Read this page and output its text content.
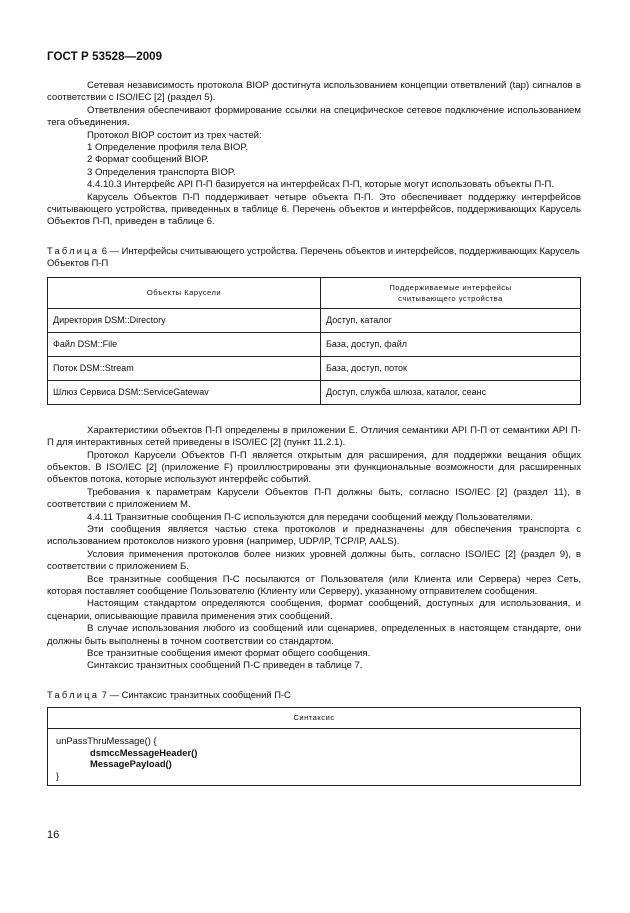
ГОСТ Р 53528—2009

Сетевая независимость протокола BIOP достигнута использованием концепции ответвлений (tap) сигналов в соответствии с ISO/IEC [2] (раздел 5).

Ответвления обеспечивают формирование ссылки на специфическое сетевое подключение использованием тега объединения.

Протокол BIOP состоит из трех частей:

1 Определение профиля тела BIOP.

2 Формат сообщений BIOP.

3 Определения транспорта BIOP.

4.4.10.3 Интерфейс API П-П базируется на интерфейсах П-П, которые могут использовать объекты П-П.

Карусель Объектов П-П поддерживает четыре объекта П-П. Это обеспечивает поддержку интерфейсов считывающего устройства, приведенных в таблице 6. Перечень объектов и интерфейсов, поддерживающих Карусель Объектов П-П, приведен в таблице 6.

Таблица 6 — Интерфейсы считывающего устройства. Перечень объектов и интерфейсов, поддерживающих Карусель Объектов П-П

Объекты Карусели	Поддерживаемые интерфейсы
считывающего устройства

Директория DSM::Directory	Доступ, каталог
Файл DSM::File	База, доступ, файл
Поток DSM::Stream	База, доступ, поток
Шлюз Сервиса DSM::ServiceGatewav	Доступ, служба шлюза, каталог, сеанс

Характеристики объектов П-П определены в приложении Е. Отличия семантики API П-П от семантики API П-П для интерактивных сетей приведены в ISO/IEC [2] (пункт 11.2.1).

Протокол Карусели Объектов П-П является открытым для расширения, для поддержки вещания общих объектов. В ISO/IEC [2] (приложение F) проиллюстрированы эти функциональные возможности для расширенных объектов потока, которые используют интерфейс событий.

Требования к параметрам Карусели Объектов П-П должны быть, согласно ISO/IEC [2] (раздел 11), в соответствии с приложением М.

4.4.11 Транзитные сообщения П-С используются для передачи сообщений между Пользователями.

Эти сообщения является частью стека протоколов и предназначены для обеспечения транспорта с использованием протоколов низкого уровня (например, UDP/IP, TCP/IP, AALS).

Условия применения протоколов более низких уровней должны быть, согласно ISO/IEC [2] (раздел 9), в соответствии с приложением Б.

Все транзитные сообщения П-С посылаются от Пользователя (или Клиента или Сервера) через Сеть, которая поставляет сообщение Пользователю (Клиенту или Серверу), указанному отправителем сообщения.

Настоящим стандартом определяются сообщения, формат сообщений, доступных для использования, и сценарии, описывающие правила применения этих сообщений.

В случае использования любого из сообщений или сценариев, определенных в настоящем стандарте, они должны быть выполнены в точном соответствии со стандартом.

Все транзитные сообщения имеют формат общего сообщения.

Синтаксис транзитных сообщений П-С приведен в таблице 7.

Таблица 7 — Синтаксис транзитных сообщений П-С

Синтаксис
unPassThruMessage() {
dsmccMessageHeader()
MessagePayload()
}
16
